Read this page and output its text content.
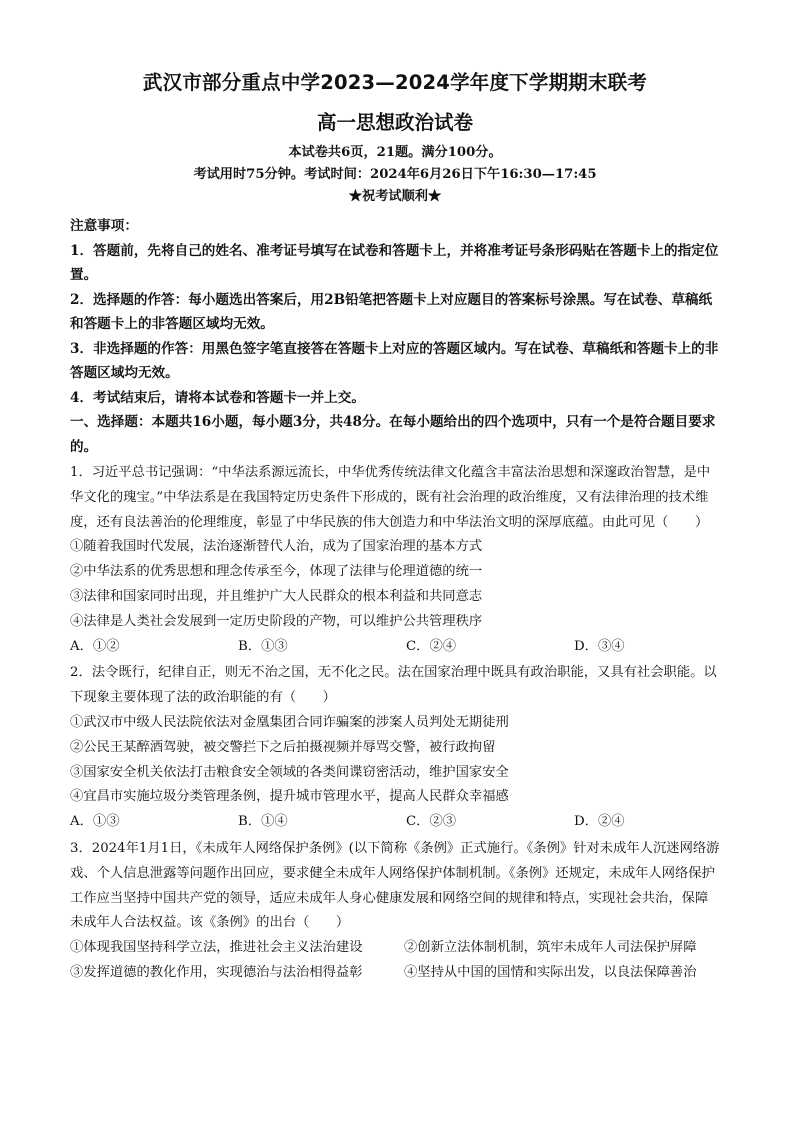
武汉市部分重点中学2023—2024学年度下学期期末联考
高一思想政治试卷

本试卷共6页，21题。满分100分。

考试用时75分钟。考试时间：2024年6月26日下午16:30—17:45

★祝考试顺利★

注意事项：

1．答题前，先将自己的姓名、准考证号填写在试卷和答题卡上，并将准考证号条形码贴在答题卡上的指定位置。

2．选择题的作答：每小题选出答案后，用2B铅笔把答题卡上对应题目的答案标号涂黑。写在试卷、草稿纸和答题卡上的非答题区域均无效。

3．非选择题的作答：用黑色签字笔直接答在答题卡上对应的答题区域内。写在试卷、草稿纸和答题卡上的非答题区域均无效。

4．考试结束后，请将本试卷和答题卡一并上交。

一、选择题：本题共16小题，每小题3分，共48分。在每小题给出的四个选项中，只有一个是符合题目要求的。

1．习近平总书记强调：“中华法系源远流长，中华优秀传统法律文化蕴含丰富法治思想和深邃政治智慧，是中华文化的瑰宝。”中华法系是在我国特定历史条件下形成的，既有社会治理的政治维度，又有法律治理的技术维度，还有良法善治的伦理维度，彰显了中华民族的伟大创造力和中华法治文明的深厚底蕴。由此可见（　　）

①随着我国时代发展，法治逐渐替代人治，成为了国家治理的基本方式

②中华法系的优秀思想和理念传承至今，体现了法律与伦理道德的统一

③法律和国家同时出现，并且维护广大人民群众的根本利益和共同意志

④法律是人类社会发展到一定历史阶段的产物，可以维护公共管理秩序

A．①②	B．①③	C．②④	D．③④

2．法令既行，纪律自正，则无不治之国，无不化之民。法在国家治理中既具有政治职能，又具有社会职能。以下现象主要体现了法的政治职能的有（　　）

①武汉市中级人民法院依法对金凰集团合同诈骗案的涉案人员判处无期徒刑

②公民王某醉酒驾驶，被交警拦下之后拍摄视频并辱骂交警，被行政拘留

③国家安全机关依法打击粮食安全领域的各类间谍窃密活动，维护国家安全

④宜昌市实施垃圾分类管理条例，提升城市管理水平，提高人民群众幸福感

A．①③	B．①④	C．②③	D．②④

3．2024年1月1日，《未成年人网络保护条例》(以下简称《条例》正式施行。《条例》针对未成年人沉迷网络游戏、个人信息泄露等问题作出回应，要求健全未成年人网络保护体制机制。《条例》还规定，未成年人网络保护工作应当坚持中国共产党的领导，适应未成年人身心健康发展和网络空间的规律和特点，实现社会共治，保障未成年人合法权益。该《条例》的出台（　　）

①体现我国坚持科学立法，推进社会主义法治建设	②创新立法体制机制，筑牢未成年人司法保护屏障
③发挥道德的教化作用，实现德治与法治相得益彰	④坚持从中国的国情和实际出发，以良法保障善治
